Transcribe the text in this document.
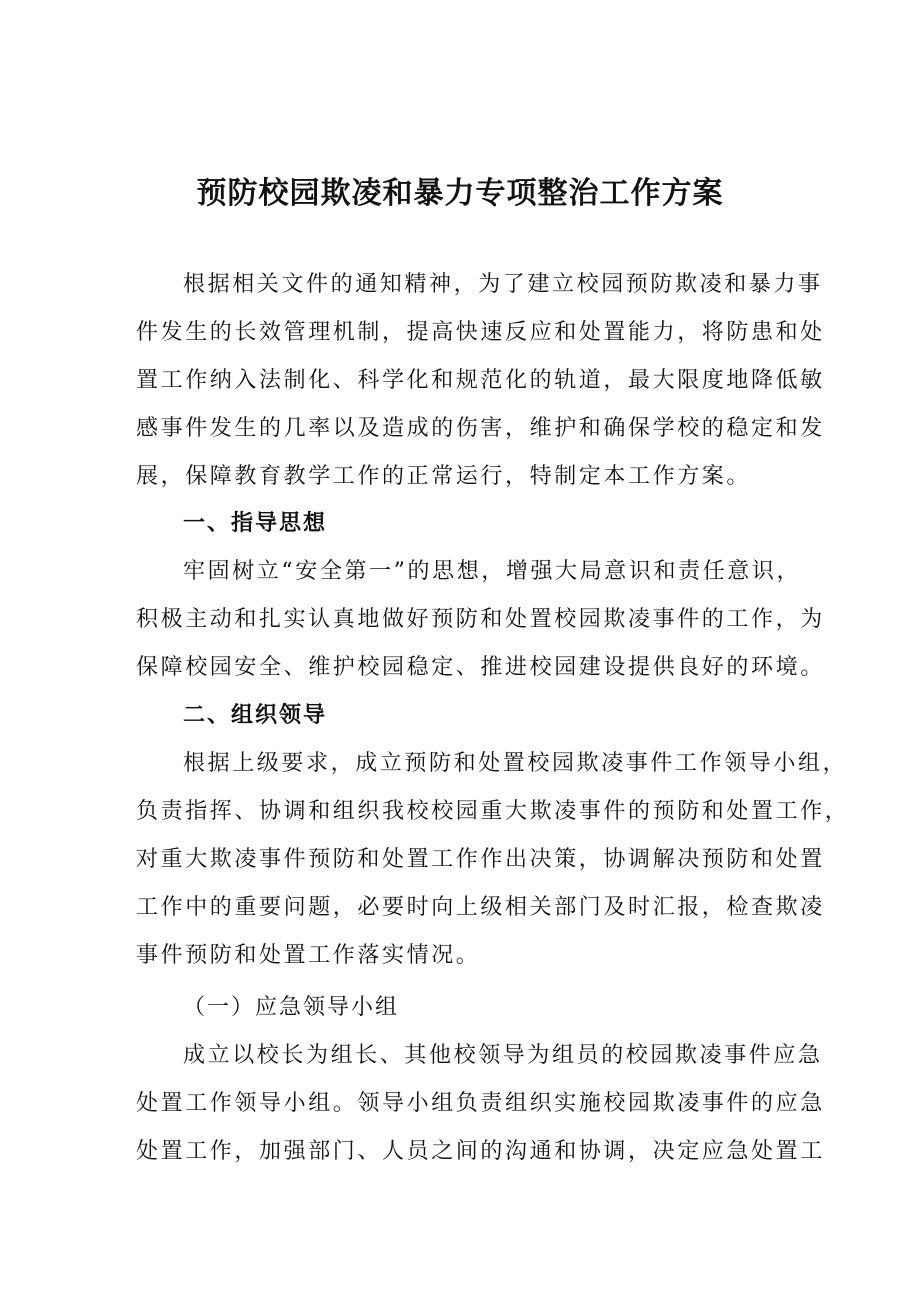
预防校园欺凌和暴力专项整治工作方案
根据相关文件的通知精神，为了建立校园预防欺凌和暴力事
件发生的长效管理机制，提高快速反应和处置能力，将防患和处
置工作纳入法制化、科学化和规范化的轨道，最大限度地降低敏
感事件发生的几率以及造成的伤害，维护和确保学校的稳定和发
展，保障教育教学工作的正常运行，特制定本工作方案。
一、指导思想
牢固树立“安全第一”的思想，增强大局意识和责任意识，
积极主动和扎实认真地做好预防和处置校园欺凌事件的工作，为
保障校园安全、维护校园稳定、推进校园建设提供良好的环境。
二、组织领导
根据上级要求，成立预防和处置校园欺凌事件工作领导小组，
负责指挥、协调和组织我校校园重大欺凌事件的预防和处置工作，
对重大欺凌事件预防和处置工作作出决策，协调解决预防和处置
工作中的重要问题，必要时向上级相关部门及时汇报，检查欺凌
事件预防和处置工作落实情况。
（一）应急领导小组
成立以校长为组长、其他校领导为组员的校园欺凌事件应急
处置工作领导小组。领导小组负责组织实施校园欺凌事件的应急
处置工作，加强部门、人员之间的沟通和协调，决定应急处置工
